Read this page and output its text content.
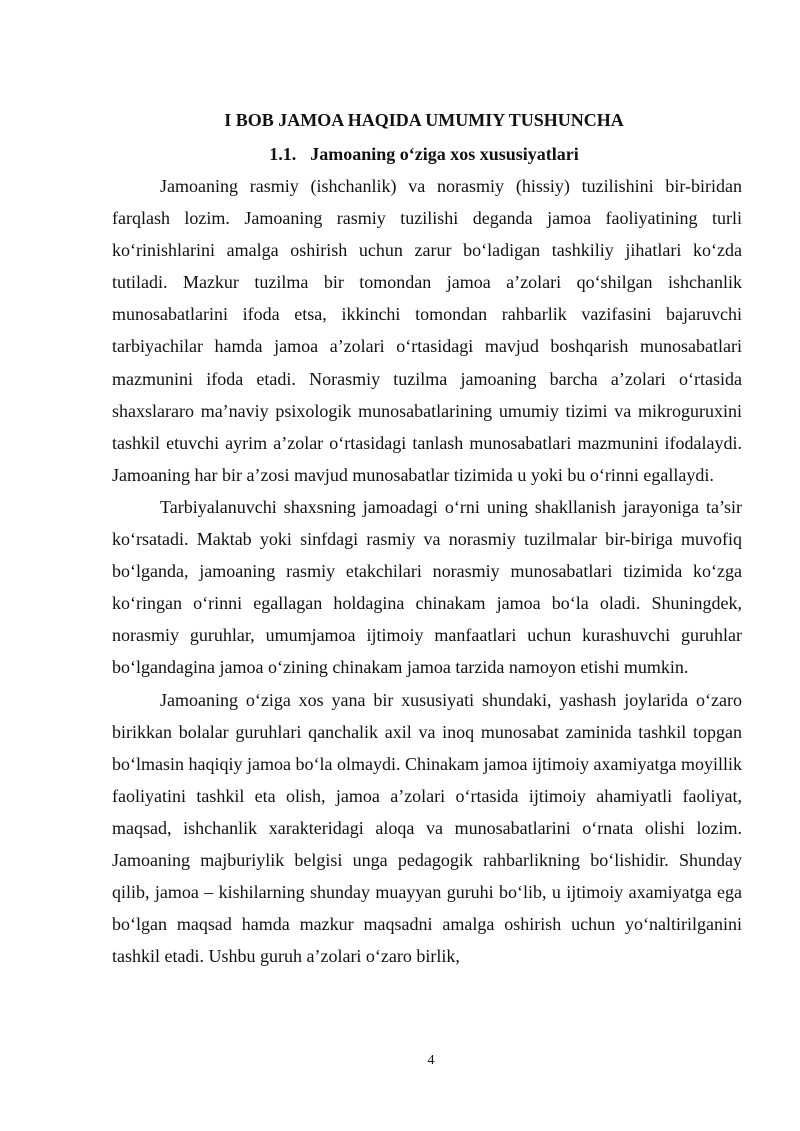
I BOB JAMOA HAQIDA UMUMIY TUSHUNCHA
1.1. Jamoaning o‘ziga xos xususiyatlari

Jamoaning rasmiy (ishchanlik) va norasmiy (hissiy) tuzilishini bir-biridan farqlash lozim. Jamoaning rasmiy tuzilishi deganda jamoa faoliyatining turli ko‘rinishlarini amalga oshirish uchun zarur bo‘ladigan tashkiliy jihatlari ko‘zda tutiladi. Mazkur tuzilma bir tomondan jamoa a’zolari qo‘shilgan ishchanlik munosabatlarini ifoda etsa, ikkinchi tomondan rahbarlik vazifasini bajaruvchi tarbiyachilar hamda jamoa a’zolari o‘rtasidagi mavjud boshqarish munosabatlari mazmunini ifoda etadi. Norasmiy tuzilma jamoaning barcha a’zolari o‘rtasida shaxslararo ma’naviy psixologik munosabatlarining umumiy tizimi va mikroguruxini tashkil etuvchi ayrim a’zolar o‘rtasidagi tanlash munosabatlari mazmunini ifodalaydi. Jamoaning har bir a’zosi mavjud munosabatlar tizimida u yoki bu o‘rinni egallaydi.

Tarbiyalanuvchi shaxsning jamoadagi o‘rni uning shakllanish jarayoniga ta’sir ko‘rsatadi. Maktab yoki sinfdagi rasmiy va norasmiy tuzilmalar bir-biriga muvofiq bo‘lganda, jamoaning rasmiy etakchilari norasmiy munosabatlari tizimida ko‘zga ko‘ringan o‘rinni egallagan holdagina chinakam jamoa bo‘la oladi. Shuningdek, norasmiy guruhlar, umumjamoa ijtimoiy manfaatlari uchun kurashuvchi guruhlar bo‘lgandagina jamoa o‘zining chinakam jamoa tarzida namoyon etishi mumkin.

Jamoaning o‘ziga xos yana bir xususiyati shundaki, yashash joylarida o‘zaro birikkan bolalar guruhlari qanchalik axil va inoq munosabat zaminida tashkil topgan bo‘lmasin haqiqiy jamoa bo‘la olmaydi. Chinakam jamoa ijtimoiy axamiyatga moyillik faoliyatini tashkil eta olish, jamoa a’zolari o‘rtasida ijtimoiy ahamiyatli faoliyat, maqsad, ishchanlik xarakteridagi aloqa va munosabatlarini o‘rnata olishi lozim. Jamoaning majburiylik belgisi unga pedagogik rahbarlikning bo‘lishidir. Shunday qilib, jamoa – kishilarning shunday muayyan guruhi bo‘lib, u ijtimoiy axamiyatga ega bo‘lgan maqsad hamda mazkur maqsadni amalga oshirish uchun yo‘naltirilganini tashkil etadi. Ushbu guruh a’zolari o‘zaro birlik,

4
